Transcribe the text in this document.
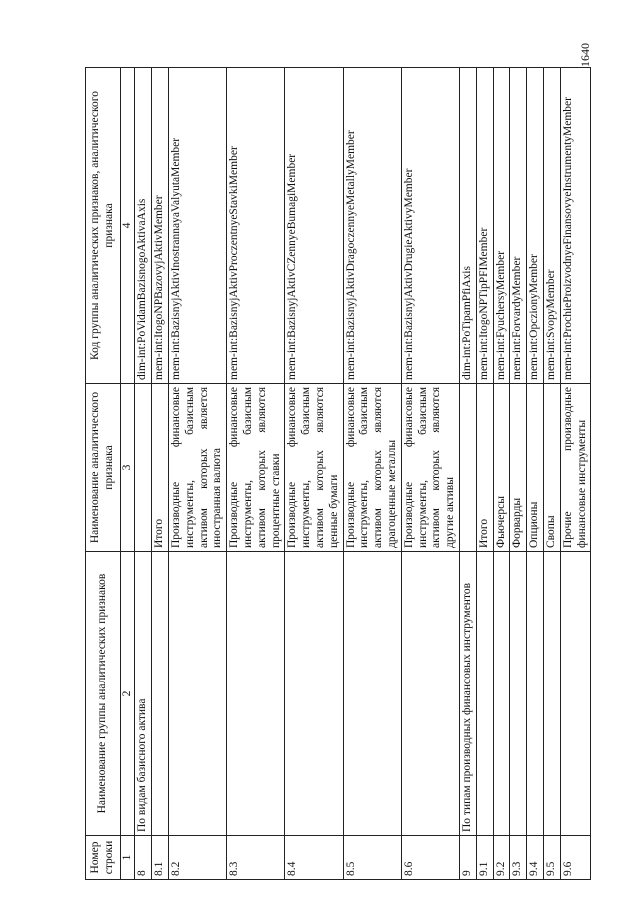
1640
Номер строки	Наименование группы аналитических признаков	Наименование аналитического признака	Код группы аналитических признаков, аналитического признака
1	2	3	4
8	По видам базисного актива		dim-int:PoVidamBazisnogoAktivaAxis
8.1		Итого	mem-int:ItogoNPBazovyjAktivMember
8.2		Производные финансовые инструменты, базисным активом которых является иностранная валюта	mem-int:BazisnyjAktivInostrannayaValyutaMember
8.3		Производные финансовые инструменты, базисным активом которых являются процентные ставки	mem-int:BazisnyjAktivProczentnyeStavkiMember
8.4		Производные финансовые инструменты, базисным активом которых являются ценные бумаги	mem-int:BazisnyjAktivCZennyeBumagiMember
8.5		Производные финансовые инструменты, базисным активом которых являются драгоценные металлы	mem-int:BazisnyjAktivDragoczennyeMetallyMember
8.6		Производные финансовые инструменты, базисным активом которых являются другие активы	mem-int:BazisnyjAktivDrugieAktivyMember
9	По типам производных финансовых инструментов		dim-int:PoTipamPfiAxis
9.1		Итого	mem-int:ItogoNPTipPFIMember
9.2		Фьючерсы	mem-int:FyuchersyMember
9.3		Форварды	mem-int:ForvardyMember
9.4		Опционы	mem-int:OpczionyMember
9.5		Свопы	mem-int:SvopyMember
9.6		Прочие производные финансовые инструменты	mem-int:ProchieProizvodnyeFinansovyeInstrumentyMember
